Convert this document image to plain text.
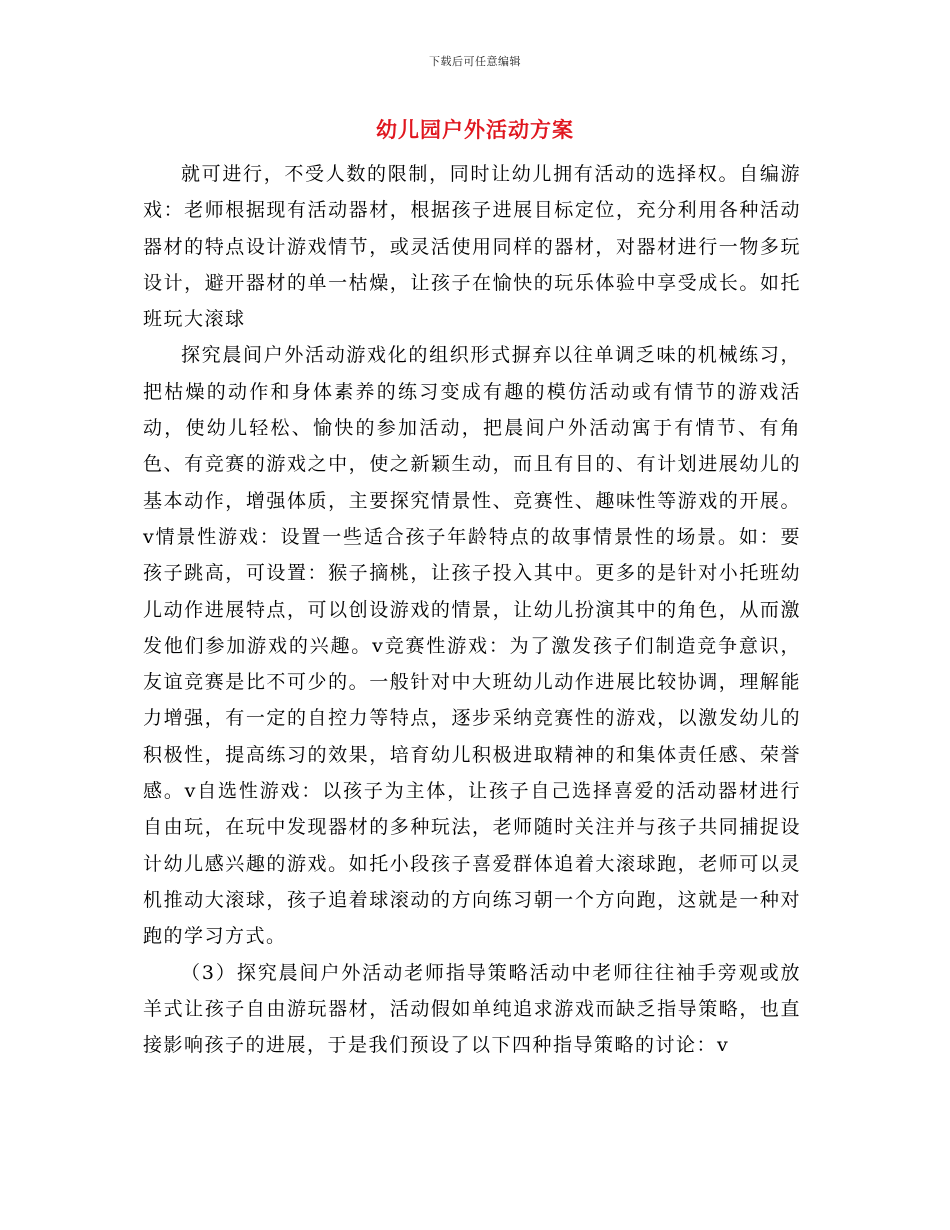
下载后可任意编辑
幼儿园户外活动方案

就可进行，不受人数的限制，同时让幼儿拥有活动的选择权。自编游戏：老师根据现有活动器材，根据孩子进展目标定位，充分利用各种活动器材的特点设计游戏情节，或灵活使用同样的器材，对器材进行一物多玩设计，避开器材的单一枯燥，让孩子在愉快的玩乐体验中享受成长。如托班玩大滚球

探究晨间户外活动游戏化的组织形式摒弃以往单调乏味的机械练习，把枯燥的动作和身体素养的练习变成有趣的模仿活动或有情节的游戏活动，使幼儿轻松、愉快的参加活动，把晨间户外活动寓于有情节、有角色、有竞赛的游戏之中，使之新颖生动，而且有目的、有计划进展幼儿的基本动作，增强体质，主要探究情景性、竞赛性、趣味性等游戏的开展。v情景性游戏：设置一些适合孩子年龄特点的故事情景性的场景。如：要孩子跳高，可设置：猴子摘桃，让孩子投入其中。更多的是针对小托班幼儿动作进展特点，可以创设游戏的情景，让幼儿扮演其中的角色，从而激发他们参加游戏的兴趣。v竞赛性游戏：为了激发孩子们制造竞争意识，友谊竞赛是比不可少的。一般针对中大班幼儿动作进展比较协调，理解能力增强，有一定的自控力等特点，逐步采纳竞赛性的游戏，以激发幼儿的积极性，提高练习的效果，培育幼儿积极进取精神的和集体责任感、荣誉感。v自选性游戏：以孩子为主体，让孩子自己选择喜爱的活动器材进行自由玩，在玩中发现器材的多种玩法，老师随时关注并与孩子共同捕捉设计幼儿感兴趣的游戏。如托小段孩子喜爱群体追着大滚球跑，老师可以灵机推动大滚球，孩子追着球滚动的方向练习朝一个方向跑，这就是一种对跑的学习方式。

（3）探究晨间户外活动老师指导策略活动中老师往往袖手旁观或放羊式让孩子自由游玩器材，活动假如单纯追求游戏而缺乏指导策略，也直接影响孩子的进展，于是我们预设了以下四种指导策略的讨论：v
